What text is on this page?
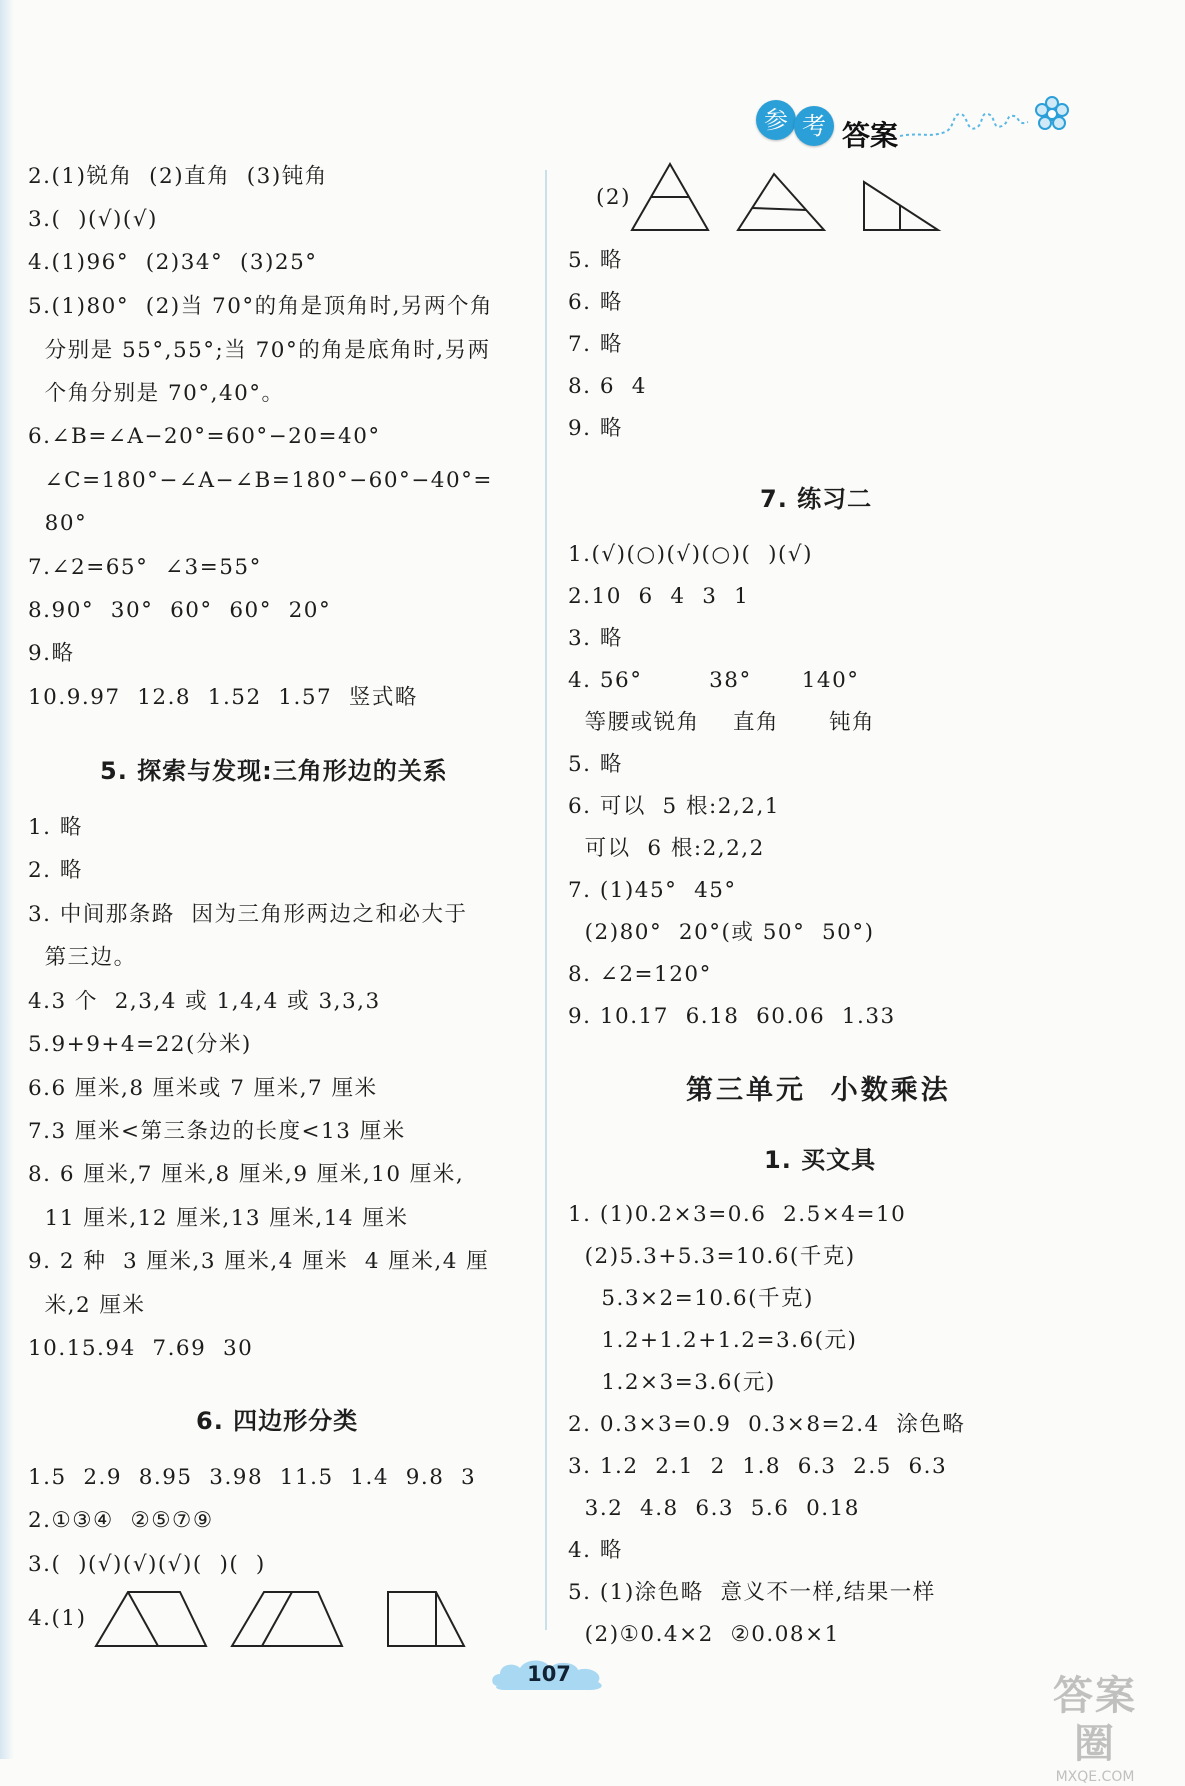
参 考 答案
2.(1)锐角  (2)直角  (3)钝角
3.(  )(√)(√)
4.(1)96°  (2)34°  (3)25°
5.(1)80°  (2)当 70°的角是顶角时,另两个角
分别是 55°,55°;当 70°的角是底角时,另两
个角分别是 70°,40°。
6.∠B=∠A−20°=60°−20=40°
∠C=180°−∠A−∠B=180°−60°−40°=
80°
7.∠2=65°  ∠3=55°
8.90°  30°  60°  60°  20°
9.略
10.9.97  12.8  1.52  1.57  竖式略
5. 探索与发现:三角形边的关系
1. 略
2. 略
3. 中间那条路  因为三角形两边之和必大于
第三边。
4.3 个  2,3,4 或 1,4,4 或 3,3,3
5.9+9+4=22(分米)
6.6 厘米,8 厘米或 7 厘米,7 厘米
7.3 厘米<第三条边的长度<13 厘米
8. 6 厘米,7 厘米,8 厘米,9 厘米,10 厘米,
11 厘米,12 厘米,13 厘米,14 厘米
9. 2 种  3 厘米,3 厘米,4 厘米  4 厘米,4 厘
米,2 厘米
10.15.94  7.69  30
6. 四边形分类
1.5  2.9  8.95  3.98  11.5  1.4  9.8  3
2.①③④  ②⑤⑦⑨
3.(  )(√)(√)(√)(  )(  )
4.(1)
(2)
5. 略
6. 略
7. 略
8. 6  4
9. 略
7. 练习二
1.(√)(○)(√)(○)(  )(√)
2.10  6  4  3  1
3. 略
4. 56°        38°      140°
等腰或锐角    直角      钝角
5. 略
6. 可以  5 根:2,2,1
可以  6 根:2,2,2
7. (1)45°  45°
(2)80°  20°(或 50°  50°)
8. ∠2=120°
9. 10.17  6.18  60.06  1.33
第三单元  小数乘法
1. 买文具
1. (1)0.2×3=0.6  2.5×4=10
(2)5.3+5.3=10.6(千克)
5.3×2=10.6(千克)
1.2+1.2+1.2=3.6(元)
1.2×3=3.6(元)
2. 0.3×3=0.9  0.3×8=2.4  涂色略
3. 1.2  2.1  2  1.8  6.3  2.5  6.3
3.2  4.8  6.3  5.6  0.18
4. 略
5. (1)涂色略  意义不一样,结果一样
(2)①0.4×2  ②0.08×1
107	答案圈
MXQE.COM
